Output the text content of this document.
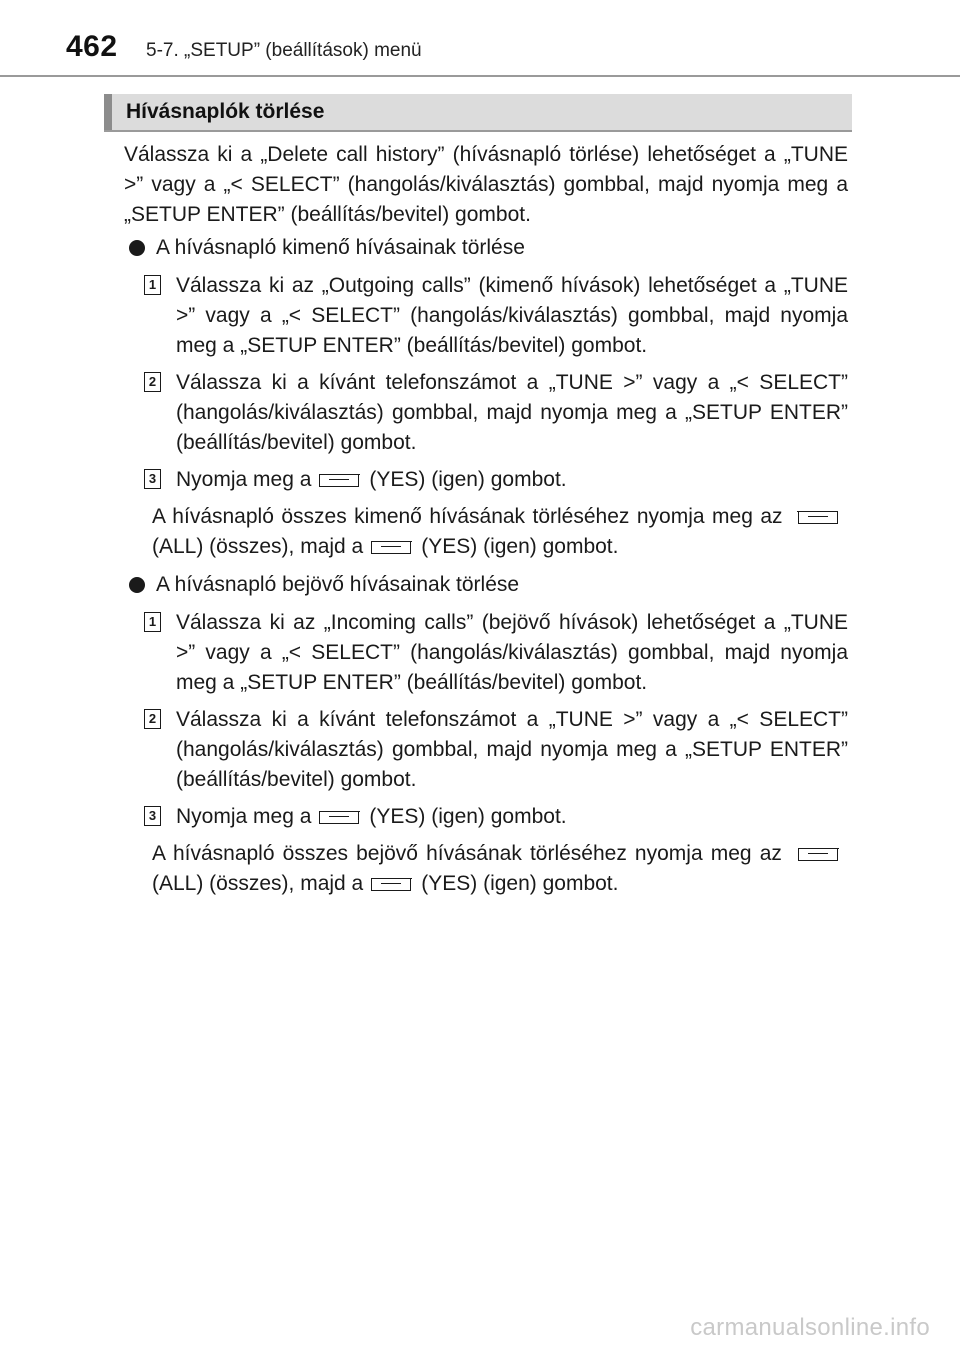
462 5-7. „SETUP” (beállítások) menü
Hívásnaplók törlése

Válassza ki a „Delete call history” (hívásnapló törlése) lehetőséget a „TUNE >” vagy a „< SELECT” (hangolás/kiválasztás) gombbal, majd nyomja meg a „SETUP ENTER” (beállítás/bevitel) gombot.

A hívásnapló kimenő hívásainak törlése
1 Válassza ki az „Outgoing calls” (kimenő hívások) lehetőséget a „TUNE >” vagy a „< SELECT” (hangolás/kiválasztás) gombbal, majd nyomja meg a „SETUP ENTER” (beállítás/bevitel) gombot.
2 Válassza ki a kívánt telefonszámot a „TUNE >” vagy a „< SELECT” (hangolás/kiválasztás) gombbal, majd nyomja meg a „SETUP ENTER” (beállítás/bevitel) gombot.
3 Nyomja meg a	(YES) (igen) gombot.

A hívásnapló összes kimenő hívásának törléséhez nyomja meg az (ALL) (összes), majd a	(YES) (igen) gombot.

A hívásnapló bejövő hívásainak törlése
1 Válassza ki az „Incoming calls” (bejövő hívások) lehetőséget a „TUNE >” vagy a „< SELECT” (hangolás/kiválasztás) gombbal, majd nyomja meg a „SETUP ENTER” (beállítás/bevitel) gombot.
2 Válassza ki a kívánt telefonszámot a „TUNE >” vagy a „< SELECT” (hangolás/kiválasztás) gombbal, majd nyomja meg a „SETUP ENTER” (beállítás/bevitel) gombot.
3 Nyomja meg a	(YES) (igen) gombot.

A hívásnapló összes bejövő hívásának törléséhez nyomja meg az (ALL) (összes), majd a	(YES) (igen) gombot.

carmanualsonline.info
